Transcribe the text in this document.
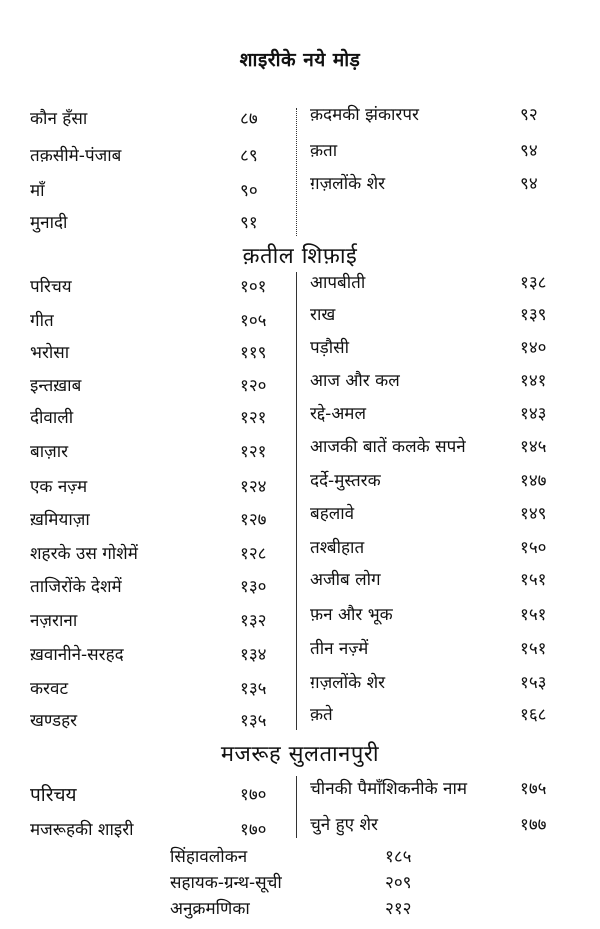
शाइरीके नये मोड़
कौन हँसा	८७
तक़सीमे-पंजाब	८९
माँ	९०
मुनादी	९१
क़दमकी झंकारपर	९२
क़ता	९४
ग़ज़लोंके शेर	९४
क़तील शिफ़ाई
परिचय	१०१
गीत	१०५
भरोसा	११९
इन्तख़ाब	१२०
दीवाली	१२१
बाज़ार	१२१
एक नज़्म	१२४
ख़मियाज़ा	१२७
शहरके उस गोशेमें	१२८
ताजिरोंके देशमें	१३०
नज़राना	१३२
ख़वानीने-सरहद	१३४
करवट	१३५
खण्डहर	१३५
आपबीती	१३८
राख	१३९
पड़ौसी	१४०
आज और कल	१४१
रद्दे-अमल	१४३
आजकी बातें कलके सपने	१४५
दर्दे-मुस्तरक	१४७
बहलावे	१४९
तश्बीहात	१५०
अजीब लोग	१५१
फ़न और भूक	१५१
तीन नज़्में	१५१
ग़ज़लोंके शेर	१५३
क़ते	१६८
मजरूह सुलतानपुरी
परिचय	१७०
मजरूहकी शाइरी	१७०
चीनकी पैमाँशिकनीके नाम	१७५
चुने हुए शेर	१७७
सिंहावलोकन	१८५
सहायक-ग्रन्थ-सूची	२०९
अनुक्रमणिका	२१२
